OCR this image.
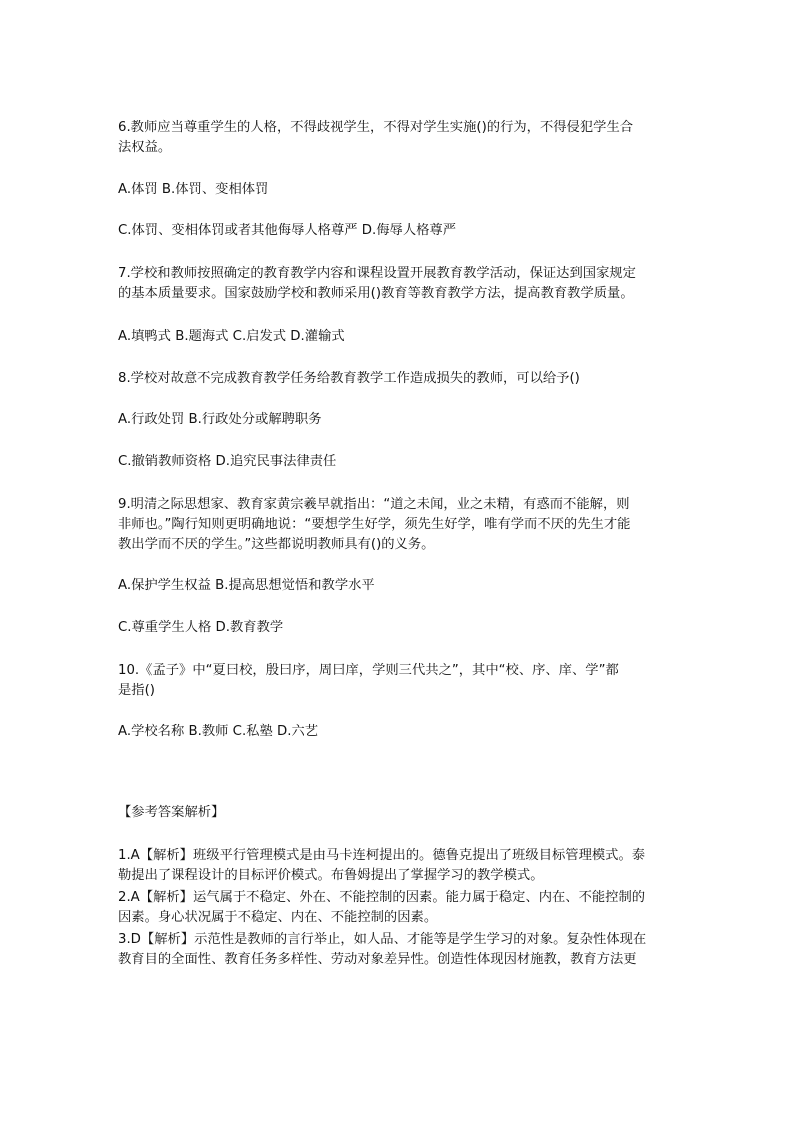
6.教师应当尊重学生的人格，不得歧视学生，不得对学生实施()的行为，不得侵犯学生合
法权益。
A.体罚 B.体罚、变相体罚
C.体罚、变相体罚或者其他侮辱人格尊严 D.侮辱人格尊严
7.学校和教师按照确定的教育教学内容和课程设置开展教育教学活动，保证达到国家规定
的基本质量要求。国家鼓励学校和教师采用()教育等教育教学方法，提高教育教学质量。
A.填鸭式 B.题海式 C.启发式 D.灌输式
8.学校对故意不完成教育教学任务给教育教学工作造成损失的教师，可以给予()
A.行政处罚 B.行政处分或解聘职务
C.撤销教师资格 D.追究民事法律责任
9.明清之际思想家、教育家黄宗羲早就指出：“道之未闻，业之未精，有惑而不能解，则
非师也。”陶行知则更明确地说：“要想学生好学，须先生好学，唯有学而不厌的先生才能
教出学而不厌的学生。”这些都说明教师具有()的义务。
A.保护学生权益 B.提高思想觉悟和教学水平
C.尊重学生人格 D.教育教学
10.《孟子》中“夏曰校，殷曰序，周曰庠，学则三代共之”，其中“校、序、庠、学”都
是指()
A.学校名称 B.教师 C.私塾 D.六艺
【参考答案解析】
1.A【解析】班级平行管理模式是由马卡连柯提出的。德鲁克提出了班级目标管理模式。泰
勒提出了课程设计的目标评价模式。布鲁姆提出了掌握学习的教学模式。
2.A【解析】运气属于不稳定、外在、不能控制的因素。能力属于稳定、内在、不能控制的
因素。身心状况属于不稳定、内在、不能控制的因素。
3.D【解析】示范性是教师的言行举止，如人品、才能等是学生学习的对象。复杂性体现在
教育目的全面性、教育任务多样性、劳动对象差异性。创造性体现因材施教，教育方法更
